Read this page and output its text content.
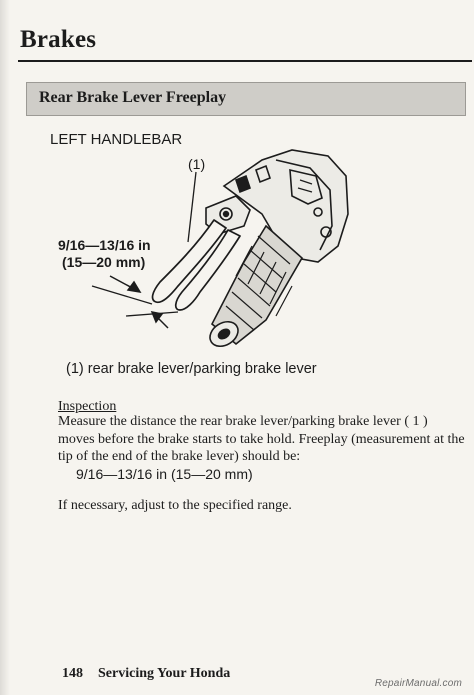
Brakes
Rear Brake Lever Freeplay
LEFT HANDLEBAR
(1)
9/16—13/16 in
(15—20 mm)
(1) rear brake lever/parking brake lever
Inspection
Measure the distance the rear brake lever/parking brake lever ( 1 ) moves before the brake starts to take hold. Freeplay (measurement at the tip of the end of the brake lever) should be:
9/16—13/16 in (15—20 mm)
If necessary, adjust to the specified range.
148 Servicing Your Honda
RepairManual.com
